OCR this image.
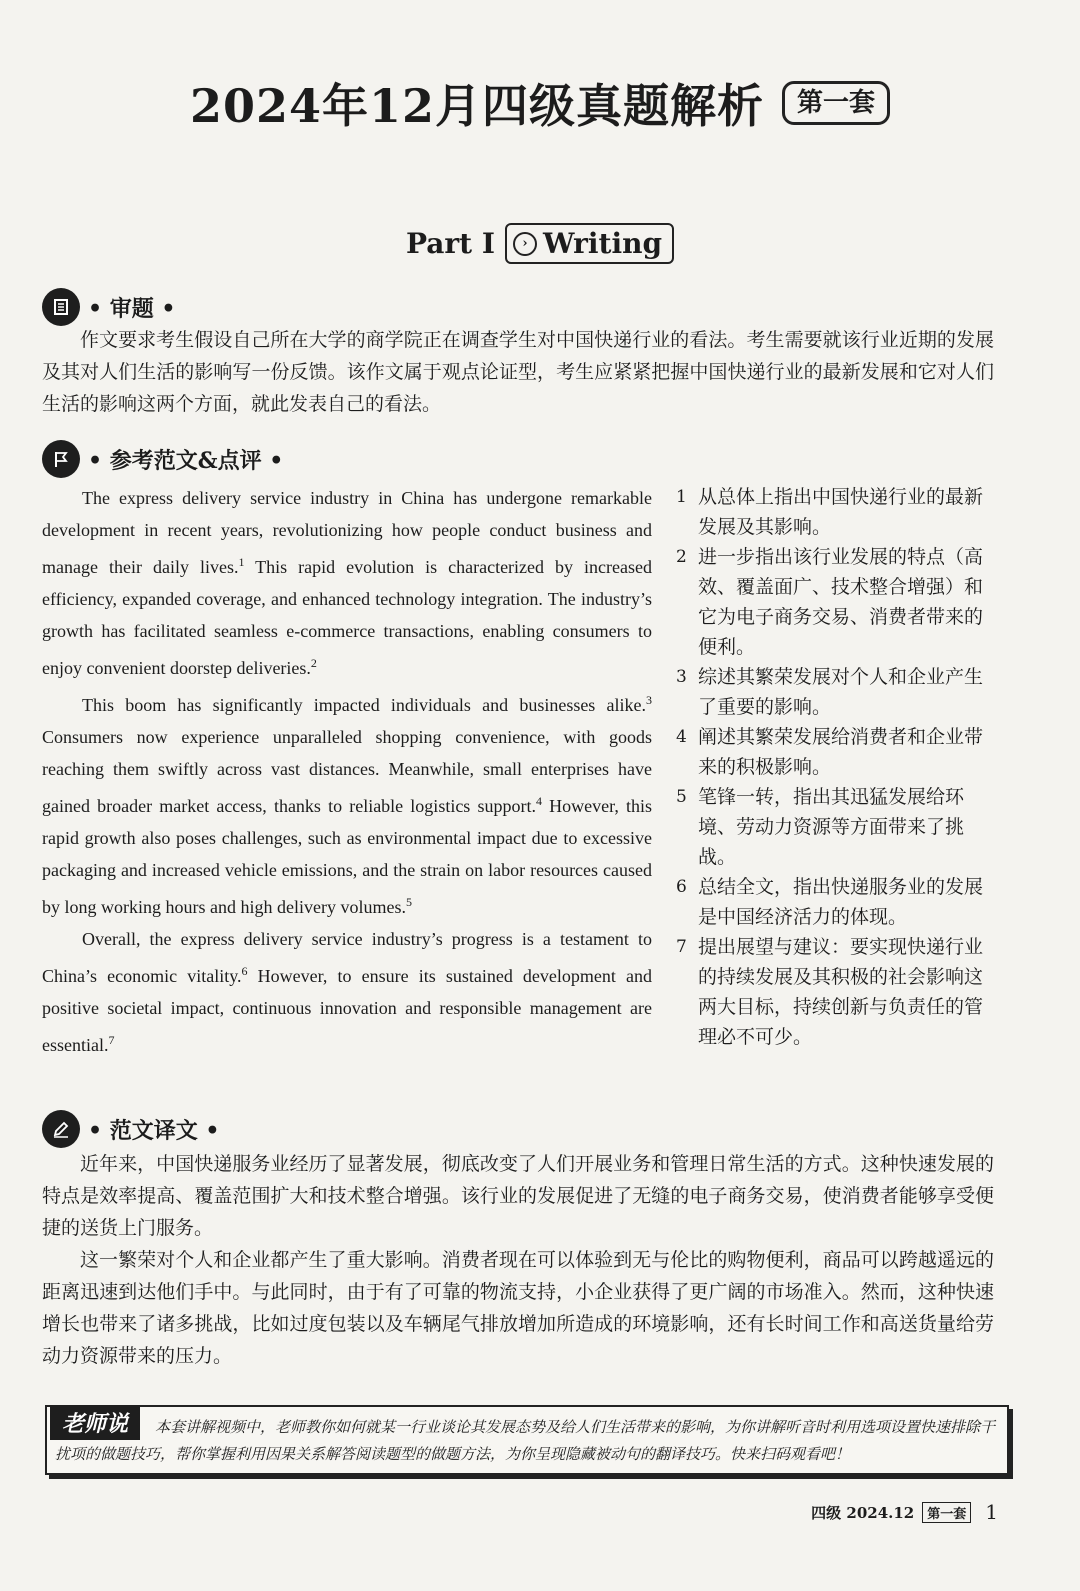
2024年12月四级真题解析	第一套
Part I	› Writing
• 审题 •
作文要求考生假设自己所在大学的商学院正在调查学生对中国快递行业的看法。考生需要就该行业近期的发展及其对人们生活的影响写一份反馈。该作文属于观点论证型，考生应紧紧把握中国快递行业的最新发展和它对人们生活的影响这两个方面，就此发表自己的看法。
• 参考范文&点评 •

The express delivery service industry in China has undergone remarkable development in recent years, revolutionizing how people conduct business and manage their daily lives.$^1$ This rapid evolution is characterized by increased efficiency, expanded coverage, and enhanced technology integration. The industry’s growth has facilitated seamless e-commerce transactions, enabling consumers to enjoy convenient doorstep deliveries.$^2$

This boom has significantly impacted individuals and businesses alike.$^3$ Consumers now experience unparalleled shopping convenience, with goods reaching them swiftly across vast distances. Meanwhile, small enterprises have gained broader market access, thanks to reliable logistics support.$^4$ However, this rapid growth also poses challenges, such as environmental impact due to excessive packaging and increased vehicle emissions, and the strain on labor resources caused by long working hours and high delivery volumes.$^5$

Overall, the express delivery service industry’s progress is a testament to China’s economic vitality.$^6$ However, to ensure its sustained development and positive societal impact, continuous innovation and responsible management are essential.$^7$

1 从总体上指出中国快递行业的最新发展及其影响。
2 进一步指出该行业发展的特点（高效、覆盖面广、技术整合增强）和它为电子商务交易、消费者带来的便利。
3 综述其繁荣发展对个人和企业产生了重要的影响。
4 阐述其繁荣发展给消费者和企业带来的积极影响。
5 笔锋一转，指出其迅猛发展给环境、劳动力资源等方面带来了挑战。
6 总结全文，指出快递服务业的发展是中国经济活力的体现。
7 提出展望与建议：要实现快递行业的持续发展及其积极的社会影响这两大目标，持续创新与负责任的管理必不可少。
• 范文译文 •

近年来，中国快递服务业经历了显著发展，彻底改变了人们开展业务和管理日常生活的方式。这种快速发展的特点是效率提高、覆盖范围扩大和技术整合增强。该行业的发展促进了无缝的电子商务交易，使消费者能够享受便捷的送货上门服务。

这一繁荣对个人和企业都产生了重大影响。消费者现在可以体验到无与伦比的购物便利，商品可以跨越遥远的距离迅速到达他们手中。与此同时，由于有了可靠的物流支持，小企业获得了更广阔的市场准入。然而，这种快速增长也带来了诸多挑战，比如过度包装以及车辆尾气排放增加所造成的环境影响，还有长时间工作和高送货量给劳动力资源带来的压力。

本套讲解视频中，老师教你如何就某一行业谈论其发展态势及给人们生活带来的影响，为你讲解听音时利用选项设置快速排除干扰项的做题技巧，帮你掌握利用因果关系解答阅读题型的做题方法，为你呈现隐藏被动句的翻译技巧。快来扫码观看吧！
老师说
四级 2024.12	第一套 1
